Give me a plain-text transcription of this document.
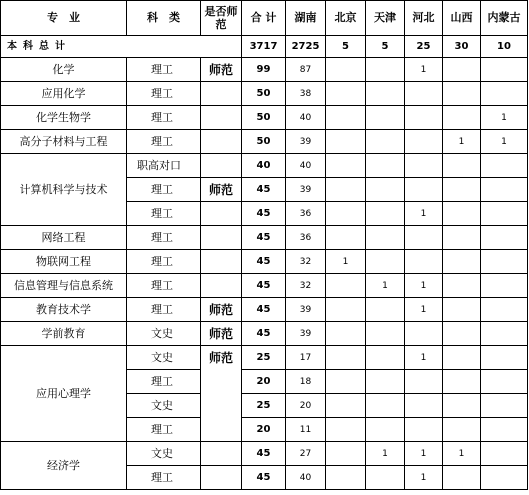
专　业	科　类	是否师范	合 计	湖南	北京	天津	河北	山西	内蒙古
本科总计			3717	2725	5	5	25	30	10
化学	理工	师范	99	87			1		
应用化学	理工		50	38					
化学生物学	理工		50	40					1
高分子材料与工程	理工		50	39				1	1
计算机科学与技术	职高对口		40	40					
	理工	师范	45	39					
	理工		45	36			1		
网络工程	理工		45	36					
物联网工程	理工		45	32	1				
信息管理与信息系统	理工		45	32		1	1		
教育技术学	理工	师范	45	39			1		
学前教育	文史	师范	45	39					
应用心理学	文史	师范	25	17			1		
	理工		20	18					
	文史		25	20					
	理工		20	11					
经济学	文史		45	27		1	1	1	
	理工		45	40			1		
